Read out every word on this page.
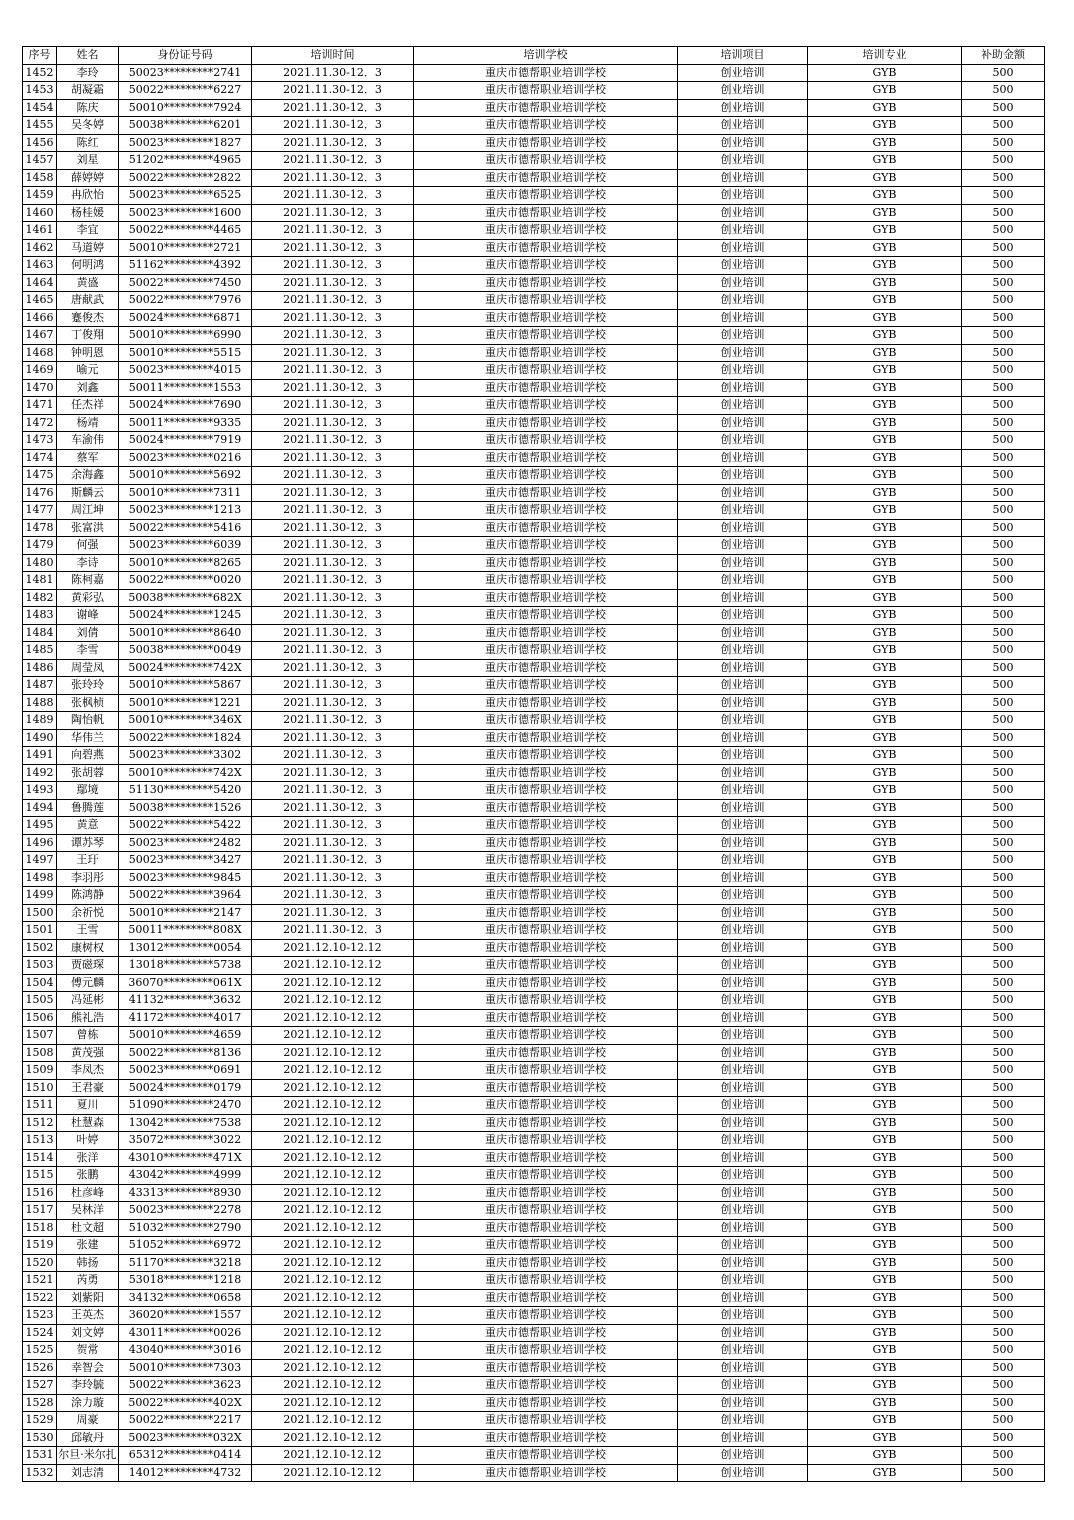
序号	姓名	身份证号码	培训时间	培训学校	培训项目	培训专业	补助金额
1452	李玲	50023*********2741	2021.11.30-12．3	重庆市德帮职业培训学校	创业培训	GYB	500
1453	胡凝霜	50022*********6227	2021.11.30-12．3	重庆市德帮职业培训学校	创业培训	GYB	500
1454	陈庆	50010*********7924	2021.11.30-12．3	重庆市德帮职业培训学校	创业培训	GYB	500
1455	吴冬婷	50038*********6201	2021.11.30-12．3	重庆市德帮职业培训学校	创业培训	GYB	500
1456	陈红	50023*********1827	2021.11.30-12．3	重庆市德帮职业培训学校	创业培训	GYB	500
1457	刘星	51202*********4965	2021.11.30-12．3	重庆市德帮职业培训学校	创业培训	GYB	500
1458	薛婷婷	50022*********2822	2021.11.30-12．3	重庆市德帮职业培训学校	创业培训	GYB	500
1459	冉欣怡	50023*********6525	2021.11.30-12．3	重庆市德帮职业培训学校	创业培训	GYB	500
1460	杨桂媛	50023*********1600	2021.11.30-12．3	重庆市德帮职业培训学校	创业培训	GYB	500
1461	李宜	50022*********4465	2021.11.30-12．3	重庆市德帮职业培训学校	创业培训	GYB	500
1462	马道婷	50010*********2721	2021.11.30-12．3	重庆市德帮职业培训学校	创业培训	GYB	500
1463	何明鸿	51162*********4392	2021.11.30-12．3	重庆市德帮职业培训学校	创业培训	GYB	500
1464	黄盛	50022*********7450	2021.11.30-12．3	重庆市德帮职业培训学校	创业培训	GYB	500
1465	唐献武	50022*********7976	2021.11.30-12．3	重庆市德帮职业培训学校	创业培训	GYB	500
1466	蹇俊杰	50024*********6871	2021.11.30-12．3	重庆市德帮职业培训学校	创业培训	GYB	500
1467	丁俊翔	50010*********6990	2021.11.30-12．3	重庆市德帮职业培训学校	创业培训	GYB	500
1468	钟明恩	50010*********5515	2021.11.30-12．3	重庆市德帮职业培训学校	创业培训	GYB	500
1469	喻元	50023*********4015	2021.11.30-12．3	重庆市德帮职业培训学校	创业培训	GYB	500
1470	刘鑫	50011*********1553	2021.11.30-12．3	重庆市德帮职业培训学校	创业培训	GYB	500
1471	任杰祥	50024*********7690	2021.11.30-12．3	重庆市德帮职业培训学校	创业培训	GYB	500
1472	杨靖	50011*********9335	2021.11.30-12．3	重庆市德帮职业培训学校	创业培训	GYB	500
1473	车渝伟	50024*********7919	2021.11.30-12．3	重庆市德帮职业培训学校	创业培训	GYB	500
1474	蔡军	50023*********0216	2021.11.30-12．3	重庆市德帮职业培训学校	创业培训	GYB	500
1475	余海鑫	50010*********5692	2021.11.30-12．3	重庆市德帮职业培训学校	创业培训	GYB	500
1476	斯麟云	50010*********7311	2021.11.30-12．3	重庆市德帮职业培训学校	创业培训	GYB	500
1477	周江坤	50023*********1213	2021.11.30-12．3	重庆市德帮职业培训学校	创业培训	GYB	500
1478	张富洪	50022*********5416	2021.11.30-12．3	重庆市德帮职业培训学校	创业培训	GYB	500
1479	何强	50023*********6039	2021.11.30-12．3	重庆市德帮职业培训学校	创业培训	GYB	500
1480	李诗	50010*********8265	2021.11.30-12．3	重庆市德帮职业培训学校	创业培训	GYB	500
1481	陈柯嘉	50022*********0020	2021.11.30-12．3	重庆市德帮职业培训学校	创业培训	GYB	500
1482	黄彩弘	50038*********682X	2021.11.30-12．3	重庆市德帮职业培训学校	创业培训	GYB	500
1483	谢峰	50024*********1245	2021.11.30-12．3	重庆市德帮职业培训学校	创业培训	GYB	500
1484	刘倩	50010*********8640	2021.11.30-12．3	重庆市德帮职业培训学校	创业培训	GYB	500
1485	李雪	50038*********0049	2021.11.30-12．3	重庆市德帮职业培训学校	创业培训	GYB	500
1486	周莹凤	50024*********742X	2021.11.30-12．3	重庆市德帮职业培训学校	创业培训	GYB	500
1487	张玲玲	50010*********5867	2021.11.30-12．3	重庆市德帮职业培训学校	创业培训	GYB	500
1488	张枫桢	50010*********1221	2021.11.30-12．3	重庆市德帮职业培训学校	创业培训	GYB	500
1489	陶怡帆	50010*********346X	2021.11.30-12．3	重庆市德帮职业培训学校	创业培训	GYB	500
1490	华伟兰	50022*********1824	2021.11.30-12．3	重庆市德帮职业培训学校	创业培训	GYB	500
1491	向碧燕	50023*********3302	2021.11.30-12．3	重庆市德帮职业培训学校	创业培训	GYB	500
1492	张胡蓉	50010*********742X	2021.11.30-12．3	重庆市德帮职业培训学校	创业培训	GYB	500
1493	鄢境	51130*********5420	2021.11.30-12．3	重庆市德帮职业培训学校	创业培训	GYB	500
1494	鲁腾莲	50038*********1526	2021.11.30-12．3	重庆市德帮职业培训学校	创业培训	GYB	500
1495	黄意	50022*********5422	2021.11.30-12．3	重庆市德帮职业培训学校	创业培训	GYB	500
1496	谭苏琴	50023*********2482	2021.11.30-12．3	重庆市德帮职业培训学校	创业培训	GYB	500
1497	王玗	50023*********3427	2021.11.30-12．3	重庆市德帮职业培训学校	创业培训	GYB	500
1498	李羽彤	50023*********9845	2021.11.30-12．3	重庆市德帮职业培训学校	创业培训	GYB	500
1499	陈鸿静	50022*********3964	2021.11.30-12．3	重庆市德帮职业培训学校	创业培训	GYB	500
1500	余祈悦	50010*********2147	2021.11.30-12．3	重庆市德帮职业培训学校	创业培训	GYB	500
1501	王雪	50011*********808X	2021.11.30-12．3	重庆市德帮职业培训学校	创业培训	GYB	500
1502	康树权	13012*********0054	2021.12.10-12.12	重庆市德帮职业培训学校	创业培训	GYB	500
1503	贾磁琛	13018*********5738	2021.12.10-12.12	重庆市德帮职业培训学校	创业培训	GYB	500
1504	傅元麟	36070*********061X	2021.12.10-12.12	重庆市德帮职业培训学校	创业培训	GYB	500
1505	冯延彬	41132*********3632	2021.12.10-12.12	重庆市德帮职业培训学校	创业培训	GYB	500
1506	熊礼浩	41172*********4017	2021.12.10-12.12	重庆市德帮职业培训学校	创业培训	GYB	500
1507	曾栋	50010*********4659	2021.12.10-12.12	重庆市德帮职业培训学校	创业培训	GYB	500
1508	黄茂强	50022*********8136	2021.12.10-12.12	重庆市德帮职业培训学校	创业培训	GYB	500
1509	李凤杰	50023*********0691	2021.12.10-12.12	重庆市德帮职业培训学校	创业培训	GYB	500
1510	王君豪	50024*********0179	2021.12.10-12.12	重庆市德帮职业培训学校	创业培训	GYB	500
1511	夏川	51090*********2470	2021.12.10-12.12	重庆市德帮职业培训学校	创业培训	GYB	500
1512	杜慧森	13042*********7538	2021.12.10-12.12	重庆市德帮职业培训学校	创业培训	GYB	500
1513	叶婷	35072*********3022	2021.12.10-12.12	重庆市德帮职业培训学校	创业培训	GYB	500
1514	张洋	43010*********471X	2021.12.10-12.12	重庆市德帮职业培训学校	创业培训	GYB	500
1515	张鹏	43042*********4999	2021.12.10-12.12	重庆市德帮职业培训学校	创业培训	GYB	500
1516	杜彦峰	43313*********8930	2021.12.10-12.12	重庆市德帮职业培训学校	创业培训	GYB	500
1517	吴林洋	50023*********2278	2021.12.10-12.12	重庆市德帮职业培训学校	创业培训	GYB	500
1518	杜文超	51032*********2790	2021.12.10-12.12	重庆市德帮职业培训学校	创业培训	GYB	500
1519	张建	51052*********6972	2021.12.10-12.12	重庆市德帮职业培训学校	创业培训	GYB	500
1520	韩扬	51170*********3218	2021.12.10-12.12	重庆市德帮职业培训学校	创业培训	GYB	500
1521	芮勇	53018*********1218	2021.12.10-12.12	重庆市德帮职业培训学校	创业培训	GYB	500
1522	刘紫阳	34132*********0658	2021.12.10-12.12	重庆市德帮职业培训学校	创业培训	GYB	500
1523	王英杰	36020*********1557	2021.12.10-12.12	重庆市德帮职业培训学校	创业培训	GYB	500
1524	刘文婷	43011*********0026	2021.12.10-12.12	重庆市德帮职业培训学校	创业培训	GYB	500
1525	贺常	43040*********3016	2021.12.10-12.12	重庆市德帮职业培训学校	创业培训	GYB	500
1526	幸智会	50010*********7303	2021.12.10-12.12	重庆市德帮职业培训学校	创业培训	GYB	500
1527	李玲毓	50022*********3623	2021.12.10-12.12	重庆市德帮职业培训学校	创业培训	GYB	500
1528	涂力璇	50022*********402X	2021.12.10-12.12	重庆市德帮职业培训学校	创业培训	GYB	500
1529	周豪	50022*********2217	2021.12.10-12.12	重庆市德帮职业培训学校	创业培训	GYB	500
1530	邱敏丹	50023*********032X	2021.12.10-12.12	重庆市德帮职业培训学校	创业培训	GYB	500
1531	尔旦·米尔扎	65312*********0414	2021.12.10-12.12	重庆市德帮职业培训学校	创业培训	GYB	500
1532	刘志清	14012*********4732	2021.12.10-12.12	重庆市德帮职业培训学校	创业培训	GYB	500
